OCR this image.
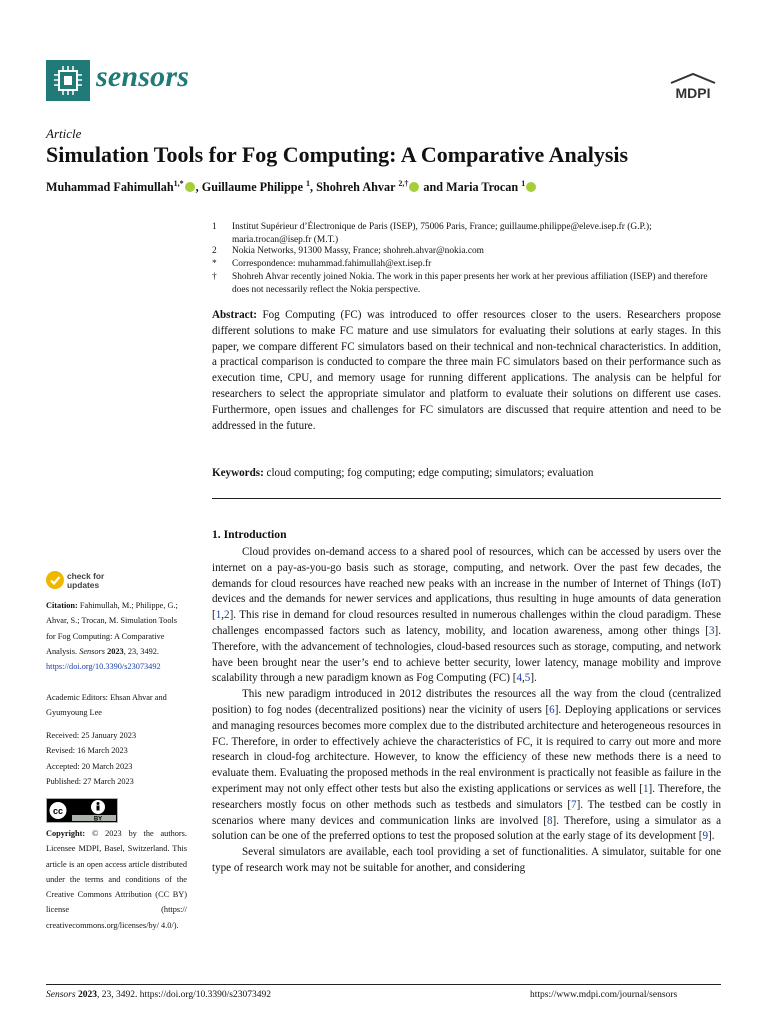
sensors	MDPI
Article
Simulation Tools for Fog Computing: A Comparative Analysis
Muhammad Fahimullah$^{1,*}$ , Guillaume Philippe $^1$, Shohreh Ahvar $^{2,\dagger}$ and Maria Trocan $^1$
1	Institut Supérieur d’Électronique de Paris (ISEP), 75006 Paris, France; guillaume.philippe@eleve.isep.fr (G.P.); maria.trocan@isep.fr (M.T.)
2	Nokia Networks, 91300 Massy, France; shohreh.ahvar@nokia.com
*	Correspondence: muhammad.fahimullah@ext.isep.fr
†	Shohreh Ahvar recently joined Nokia. The work in this paper presents her work at her previous affiliation (ISEP) and therefore does not necessarily reflect the Nokia perspective.
Abstract: Fog Computing (FC) was introduced to offer resources closer to the users. Researchers propose different solutions to make FC mature and use simulators for evaluating their solutions at early stages. In this paper, we compare different FC simulators based on their technical and non-technical characteristics. In addition, a practical comparison is conducted to compare the three main FC simulators based on their performance such as execution time, CPU, and memory usage for running different applications. The analysis can be helpful for researchers to select the appropriate simulator and platform to evaluate their solutions on different use cases. Furthermore, open issues and challenges for FC simulators are discussed that require attention and need to be addressed in the future.
Keywords: cloud computing; fog computing; edge computing; simulators; evaluation
check for
updates
Citation: Fahimullah, M.; Philippe, G.; Ahvar, S.; Trocan, M. Simulation Tools for Fog Computing: A Comparative Analysis. Sensors 2023, 23, 3492. https://doi.org/10.3390/s23073492
Academic Editors: Ehsan Ahvar and Gyumyoung Lee
Received: 25 January 2023
Revised: 16 March 2023
Accepted: 20 March 2023
Published: 27 March 2023
cc
BY
Copyright: © 2023 by the authors. Licensee MDPI, Basel, Switzerland. This article is an open access article distributed under the terms and conditions of the Creative Commons Attribution (CC BY) license (https:// creativecommons.org/licenses/by/ 4.0/).
1. Introduction

Cloud provides on-demand access to a shared pool of resources, which can be accessed by users over the internet on a pay-as-you-go basis such as storage, computing, and network. Over the past few decades, the demands for cloud resources have reached new peaks with an increase in the number of Internet of Things (IoT) devices and the demands for newer services and applications, thus resulting in huge amounts of data generation [1,2]. This rise in demand for cloud resources resulted in numerous challenges within the cloud paradigm. These challenges encompassed factors such as latency, mobility, and location awareness, among other things [3]. Therefore, with the advancement of technologies, cloud-based resources such as storage, computing, and network have been brought near the user’s end to achieve better security, lower latency, manage mobility and improve scalability through a new paradigm known as Fog Computing (FC) [4,5].

This new paradigm introduced in 2012 distributes the resources all the way from the cloud (centralized position) to fog nodes (decentralized positions) near the vicinity of users [6]. Deploying applications or services and managing resources becomes more complex due to the distributed architecture and heterogeneous resources in FC. Therefore, in order to effectively achieve the characteristics of FC, it is required to carry out more and more research in cloud-fog architecture. However, to know the efficiency of these new methods there is a need to evaluate them. Evaluating the proposed methods in the real environment is practically not feasible as failure in the experiment may not only effect other tests but also the existing applications or services as well [1]. Therefore, the researchers mostly focus on other methods such as testbeds and simulators [7]. The testbed can be costly in scenarios where many devices and communication links are involved [8]. Therefore, using a simulator as a solution can be one of the preferred options to test the proposed solution at the early stage of its development [9].

Several simulators are available, each tool providing a set of functionalities. A simulator, suitable for one type of research work may not be suitable for another, and considering

Sensors 2023, 23, 3492. https://doi.org/10.3390/s23073492	https://www.mdpi.com/journal/sensors
